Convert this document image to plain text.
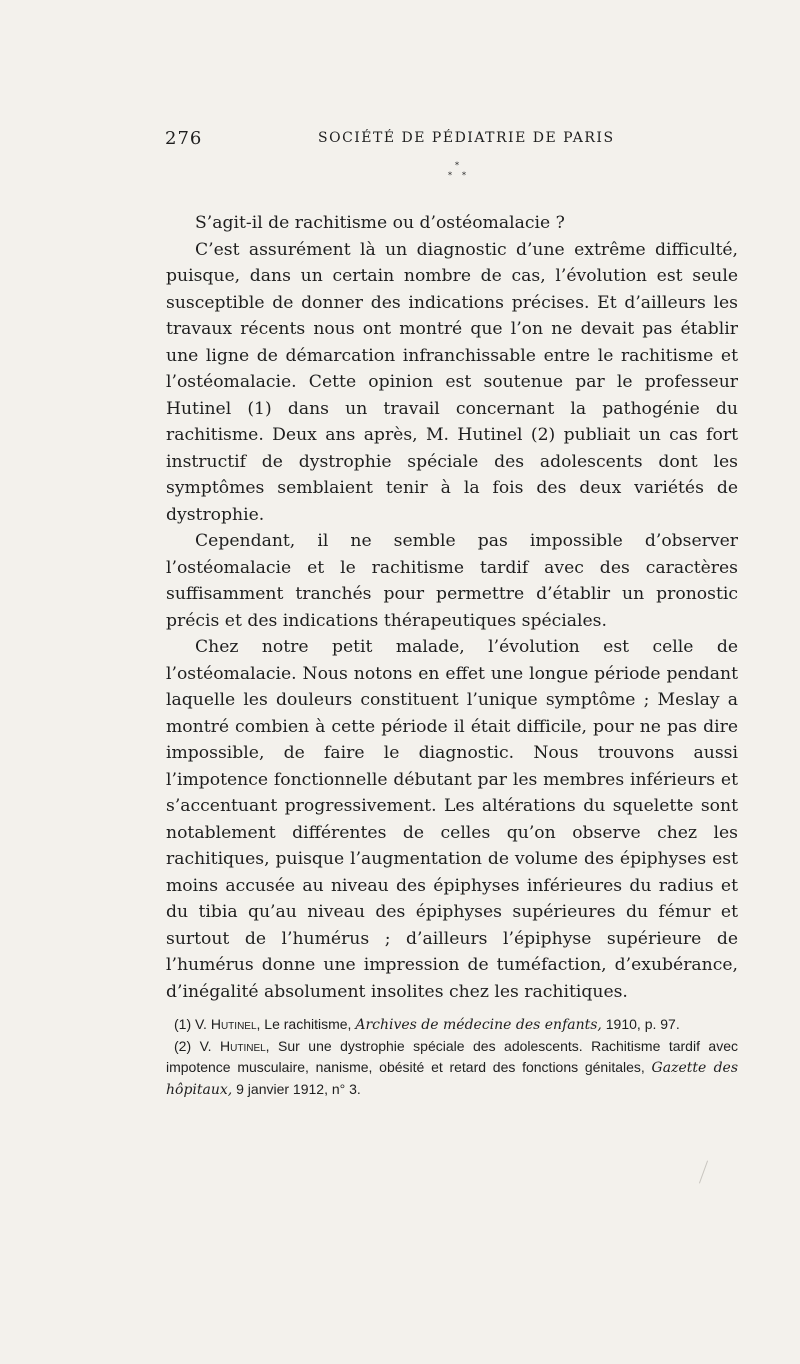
276	SOCIÉTÉ DE PÉDIATRIE DE PARIS
*
* *

S’agit-il de rachitisme ou d’ostéomalacie ?

C’est assurément là un diagnostic d’une extrême difficulté, puisque, dans un certain nombre de cas, l’évolution est seule susceptible de donner des indications précises. Et d’ailleurs les travaux récents nous ont montré que l’on ne devait pas établir une ligne de démarcation infranchissable entre le rachitisme et l’ostéomalacie. Cette opinion est soutenue par le professeur Hutinel (1) dans un travail concernant la pathogénie du rachitisme. Deux ans après, M. Hutinel (2) publiait un cas fort instructif de dystrophie spéciale des adolescents dont les symptômes semblaient tenir à la fois des deux variétés de dystrophie.

Cependant, il ne semble pas impossible d’observer l’ostéomalacie et le rachitisme tardif avec des caractères suffisamment tranchés pour permettre d’établir un pronostic précis et des indications thérapeutiques spéciales.

Chez notre petit malade, l’évolution est celle de l’ostéomalacie. Nous notons en effet une longue période pendant laquelle les douleurs constituent l’unique symptôme ; Meslay a montré combien à cette période il était difficile, pour ne pas dire impossible, de faire le diagnostic. Nous trouvons aussi l’impotence fonctionnelle débutant par les membres inférieurs et s’accentuant progressivement. Les altérations du squelette sont notablement différentes de celles qu’on observe chez les rachitiques, puisque l’augmentation de volume des épiphyses est moins accusée au niveau des épiphyses inférieures du radius et du tibia qu’au niveau des épiphyses supérieures du fémur et surtout de l’humérus ; d’ailleurs l’épiphyse supérieure de l’humérus donne une impression de tuméfaction, d’exubérance, d’inégalité absolument insolites chez les rachitiques.

(1) V. Hutinel, Le rachitisme, Archives de médecine des enfants, 1910, p. 97.

(2) V. Hutinel, Sur une dystrophie spéciale des adolescents. Rachitisme tardif avec impotence musculaire, nanisme, obésité et retard des fonctions génitales, Gazette des hôpitaux, 9 janvier 1912, n° 3.
